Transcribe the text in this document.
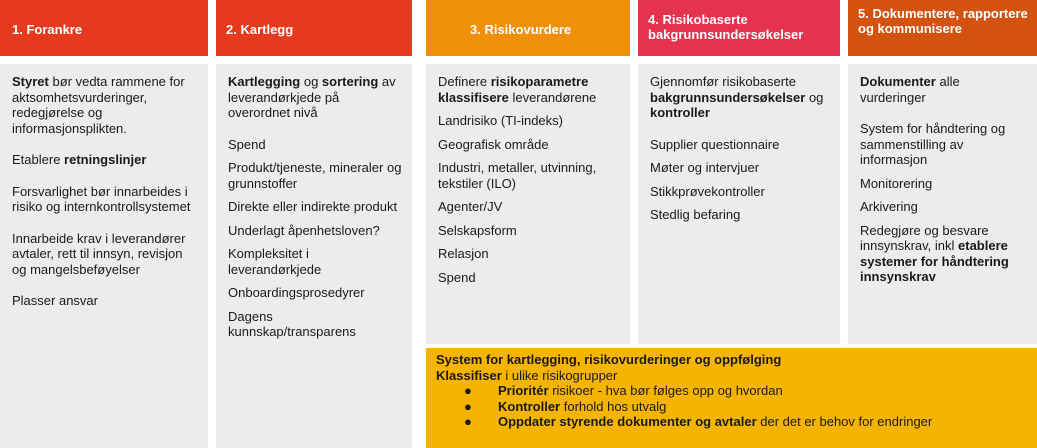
1. Forankre	2. Kartlegg	3. Risikovurdere
4. Risikobaserte bakgrunnsundersøkelser
5. Dokumentere, rapportere og kommunisere
Styret bør vedta rammene for aktsomhetsvurderinger, redegjørelse og informasjonsplikten.
Etablere retningslinjer
Forsvarlighet bør innarbeides i risiko og internkontrollsystemet
Innarbeide krav i leverandører avtaler, rett til innsyn, revisjon og mangelsbeføyelser
Plasser ansvar
Kartlegging og sortering av leverandørkjede på overordnet nivå
Spend
Produkt/tjeneste, mineraler og grunnstoffer
Direkte eller indirekte produkt
Underlagt åpenhetsloven?
Kompleksitet i leverandørkjede
Onboardingsprosedyrer
Dagens kunnskap/transparens
Definere risikoparametre klassifisere leverandørene
Landrisiko (TI-indeks)
Geografisk område
Industri, metaller, utvinning, tekstiler (ILO)
Agenter/JV
Selskapsform
Relasjon
Spend
Gjennomfør risikobaserte bakgrunnsundersøkelser og kontroller
Supplier questionnaire
Møter og intervjuer
Stikkprøvekontroller
Stedlig befaring
Dokumenter alle vurderinger
System for håndtering og sammenstilling av informasjon
Monitorering
Arkivering
Redegjøre og besvare innsynskrav, inkl etablere systemer for håndtering innsynskrav
System for kartlegging, risikovurderinger og oppfølging
Klassifiser i ulike risikogrupper
● Prioritér risikoer - hva bør følges opp og hvordan
● Kontroller forhold hos utvalg
● Oppdater styrende dokumenter og avtaler der det er behov for endringer
